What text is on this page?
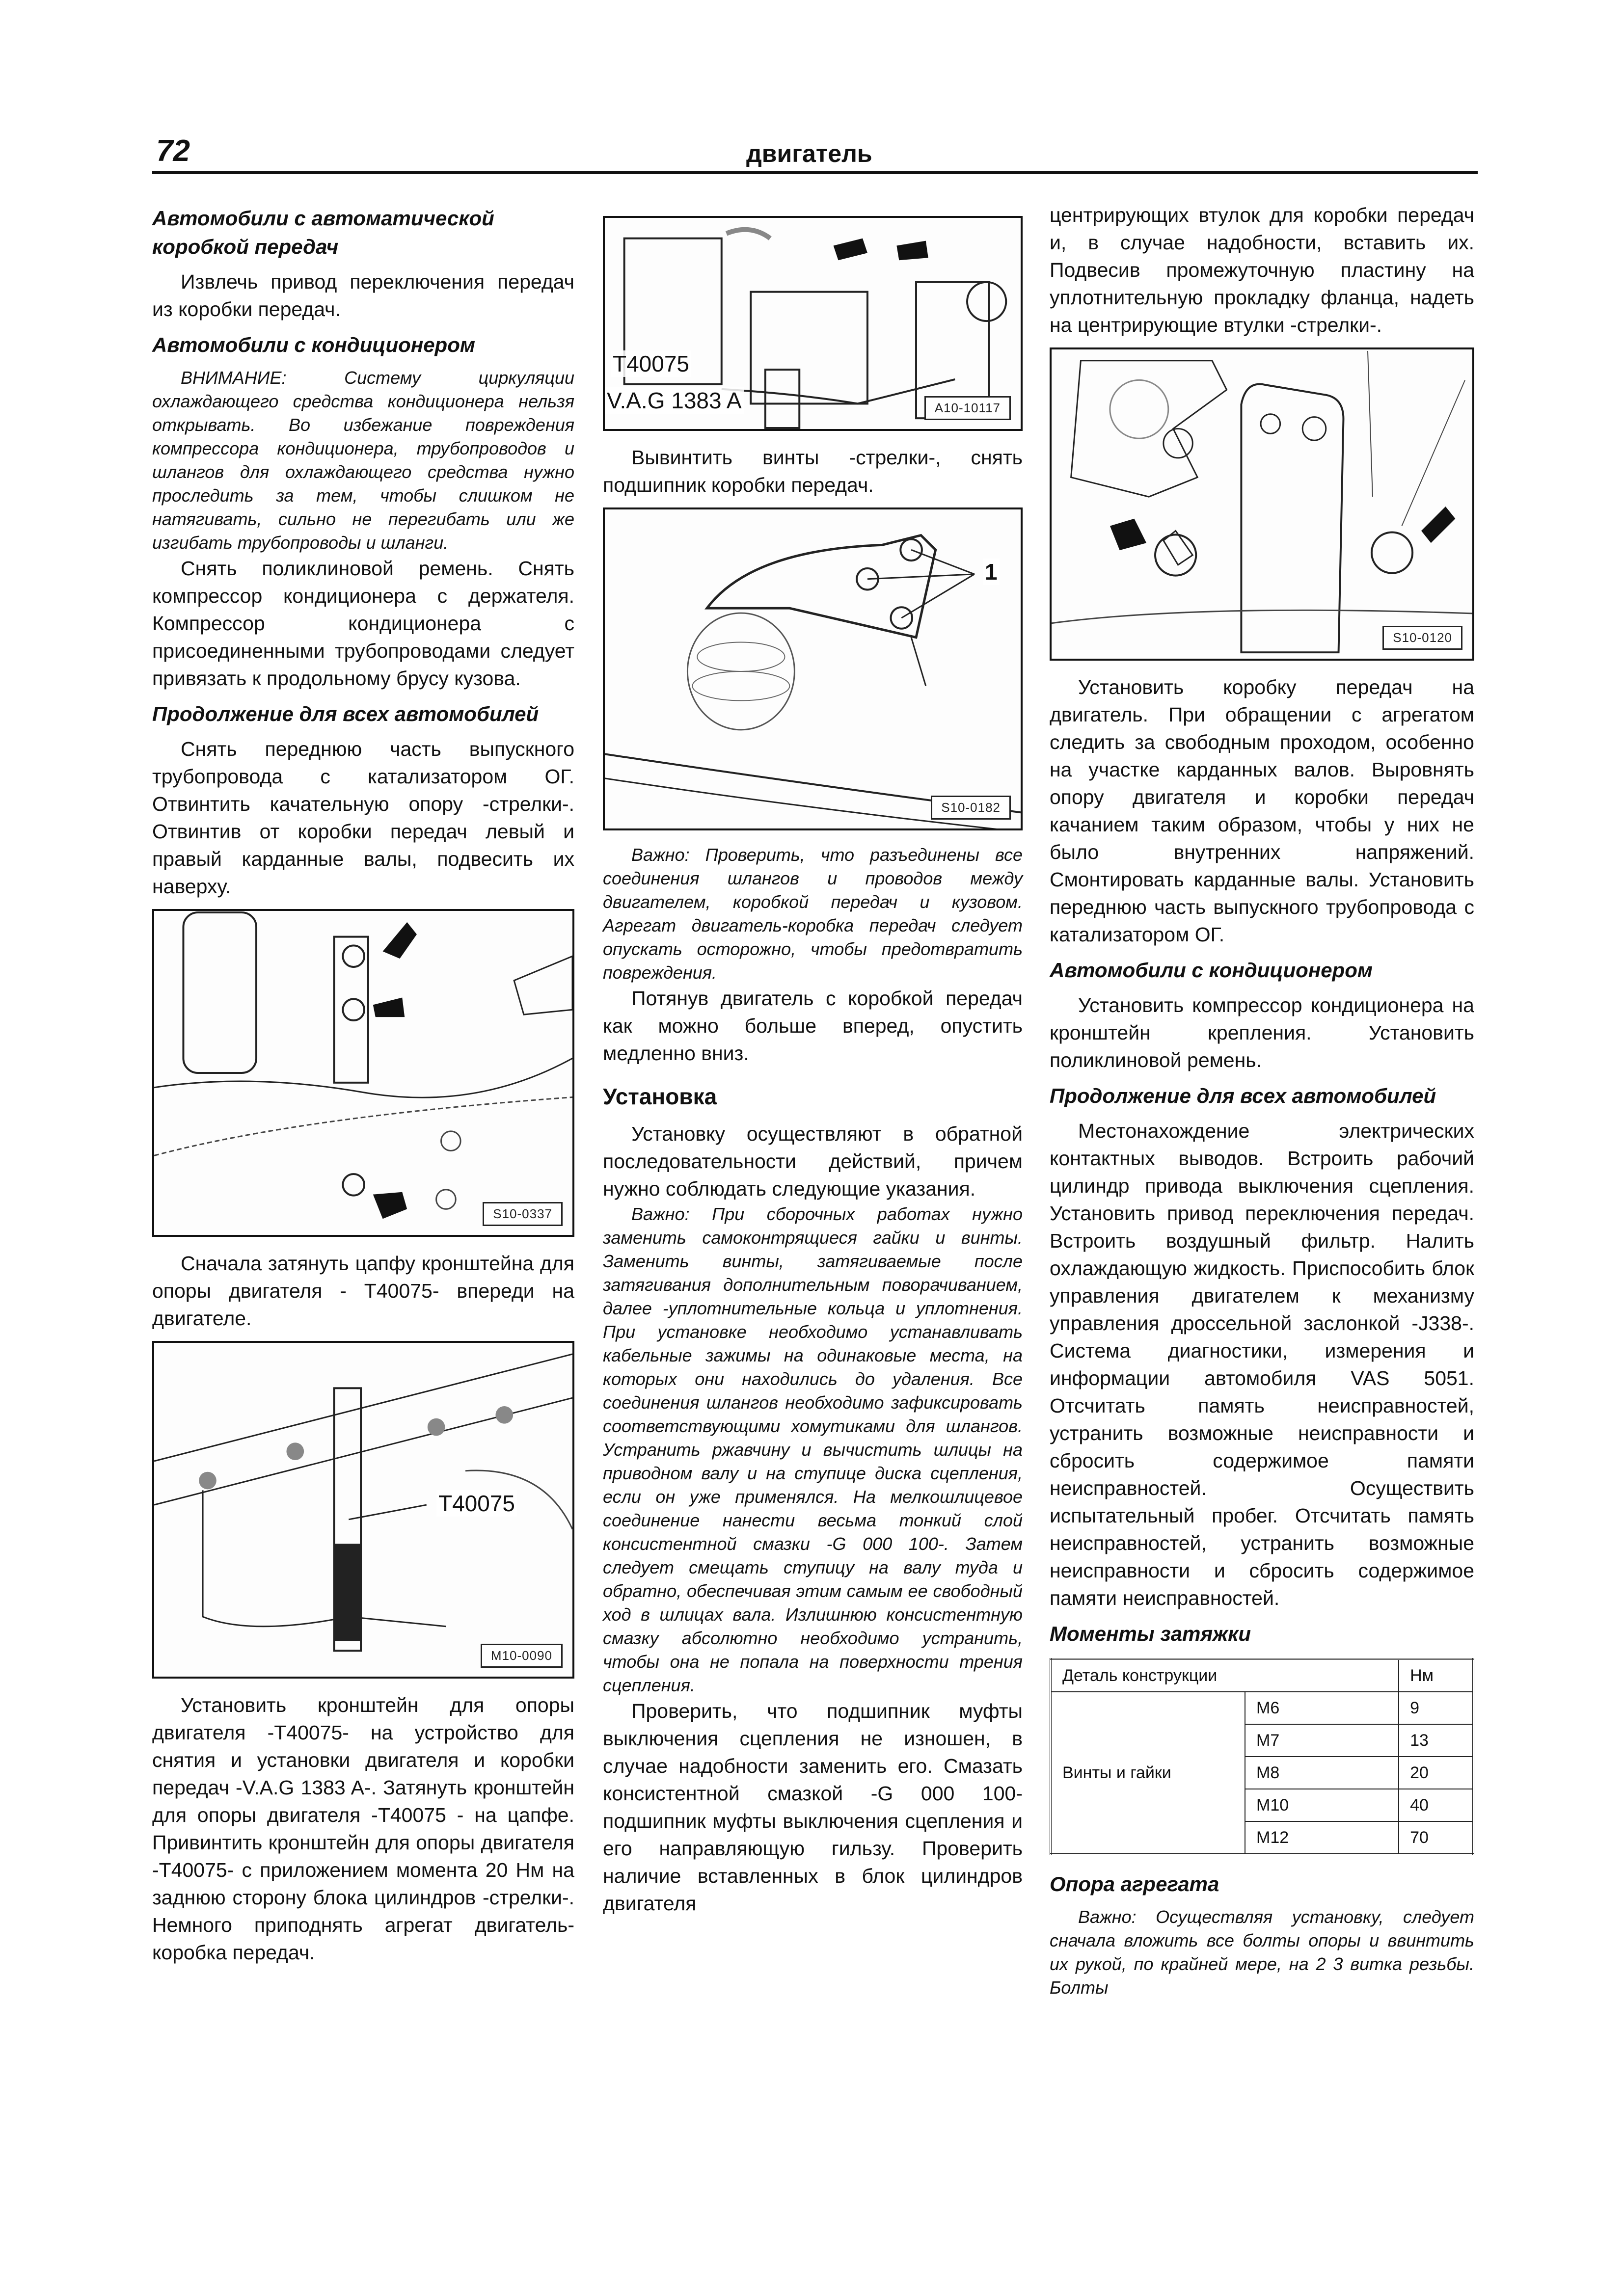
72	двигатель
Автомобили с автоматической коробкой передач

Извлечь привод переключения передач из коробки передач.

Автомобили с кондиционером

ВНИМАНИЕ: Систему циркуляции охлаждающего средства кондиционера нельзя открывать. Во избежание повреждения компрессора кондиционера, трубопроводов и шлангов для охлаждающего средства нужно проследить за тем, чтобы слишком не натягивать, сильно не перегибать или же изгибать трубопроводы и шланги.

Снять поликлиновой ремень. Снять компрессор кондиционера с держателя. Компрессор кондиционера с присоединенными трубопроводами следует привязать к продольному брусу кузова.

Продолжение для всех автомобилей

Снять переднюю часть выпускного трубопровода с катализатором ОГ. Отвинтить качательную опору -стрелки-. Отвинтив от коробки передач левый и правый карданные валы, подвесить их наверху.

S10-0337

Сначала затянуть цапфу кронштейна для опоры двигателя - T40075- впереди на двигателе.

T40075
M10-0090

Установить кронштейн для опоры двигателя -T40075- на устройство для снятия и установки двигателя и коробки передач -V.A.G 1383 A-. Затянуть кронштейн для опоры двигателя -T40075 - на цапфе. Привинтить кронштейн для опоры двигателя -T40075- с приложением момента 20 Нм на заднюю сторону блока цилиндров -стрелки-. Немного приподнять агрегат двигатель-коробка передач.

T40075
V.A.G 1383 A	A10-10117

Вывинтить винты -стрелки-, снять подшипник коробки передач.

1
S10-0182

Важно: Проверить, что разъединены все соединения шлангов и проводов между двигателем, коробкой передач и кузовом. Агрегат двигатель-коробка передач следует опускать осторожно, чтобы предотвратить повреждения.

Потянув двигатель с коробкой передач как можно больше вперед, опустить медленно вниз.

Установка

Установку осуществляют в обратной последовательности действий, причем нужно соблюдать следующие указания.

Важно: При сборочных работах нужно заменить самоконтрящиеся гайки и винты. Заменить винты, затягиваемые после затягивания дополнительным поворачиванием, далее -уплотнительные кольца и уплотнения. При установке необходимо устанавливать кабельные зажимы на одинаковые места, на которых они находились до удаления. Все соединения шлангов необходимо зафиксировать соответствующими хомутиками для шлангов. Устранить ржавчину и вычистить шлицы на приводном валу и на ступице диска сцепления, если он уже применялся. На мелкошлицевое соединение нанести весьма тонкий слой консистентной смазки -G 000 100-. Затем следует смещать ступицу на валу туда и обратно, обеспечивая этим самым ее свободный ход в шлицах вала. Излишнюю консистентную смазку абсолютно необходимо устранить, чтобы она не попала на поверхности трения сцепления.

Проверить, что подшипник муфты выключения сцепления не изношен, в случае надобности заменить его. Смазать консистентной смазкой -G 000 100- подшипник муфты выключения сцепления и его направляющую гильзу. Проверить наличие вставленных в блок цилиндров двигателя

центрирующих втулок для коробки передач и, в случае надобности, вставить их. Подвесив промежуточную пластину на уплотнительную прокладку фланца, надеть на центрирующие втулки -стрелки-.

S10-0120

Установить коробку передач на двигатель. При обращении с агрегатом следить за свободным проходом, особенно на участке карданных валов. Выровнять опору двигателя и коробки передач качанием таким образом, чтобы у них не было внутренних напряжений. Смонтировать карданные валы. Установить переднюю часть выпускного трубопровода с катализатором ОГ.

Автомобили с кондиционером

Установить компрессор кондиционера на кронштейн крепления. Установить поликлиновой ремень.

Продолжение для всех автомобилей

Местонахождение электрических контактных выводов. Встроить рабочий цилиндр привода выключения сцепления. Установить привод переключения передач. Встроить воздушный фильтр. Налить охлаждающую жидкость. Приспособить блок управления двигателем к механизму управления дроссельной заслонкой -J338-. Система диагностики, измерения и информации автомобиля VAS 5051. Отсчитать память неисправностей, устранить возможные неисправности и сбросить содержимое памяти неисправностей. Осуществить испытательный пробег. Отсчитать память неисправностей, устранить возможные неисправности и сбросить содержимое памяти неисправностей.

Моменты затяжки
Деталь конструкции		Нм
Винты и гайки	M6	9
	M7	13
	M8	20
	M10	40
	M12	70
Опора агрегата

Важно: Осуществляя установку, следует сначала вложить все болты опоры и ввинтить их рукой, по крайней мере, на 2 3 витка резьбы. Болты
